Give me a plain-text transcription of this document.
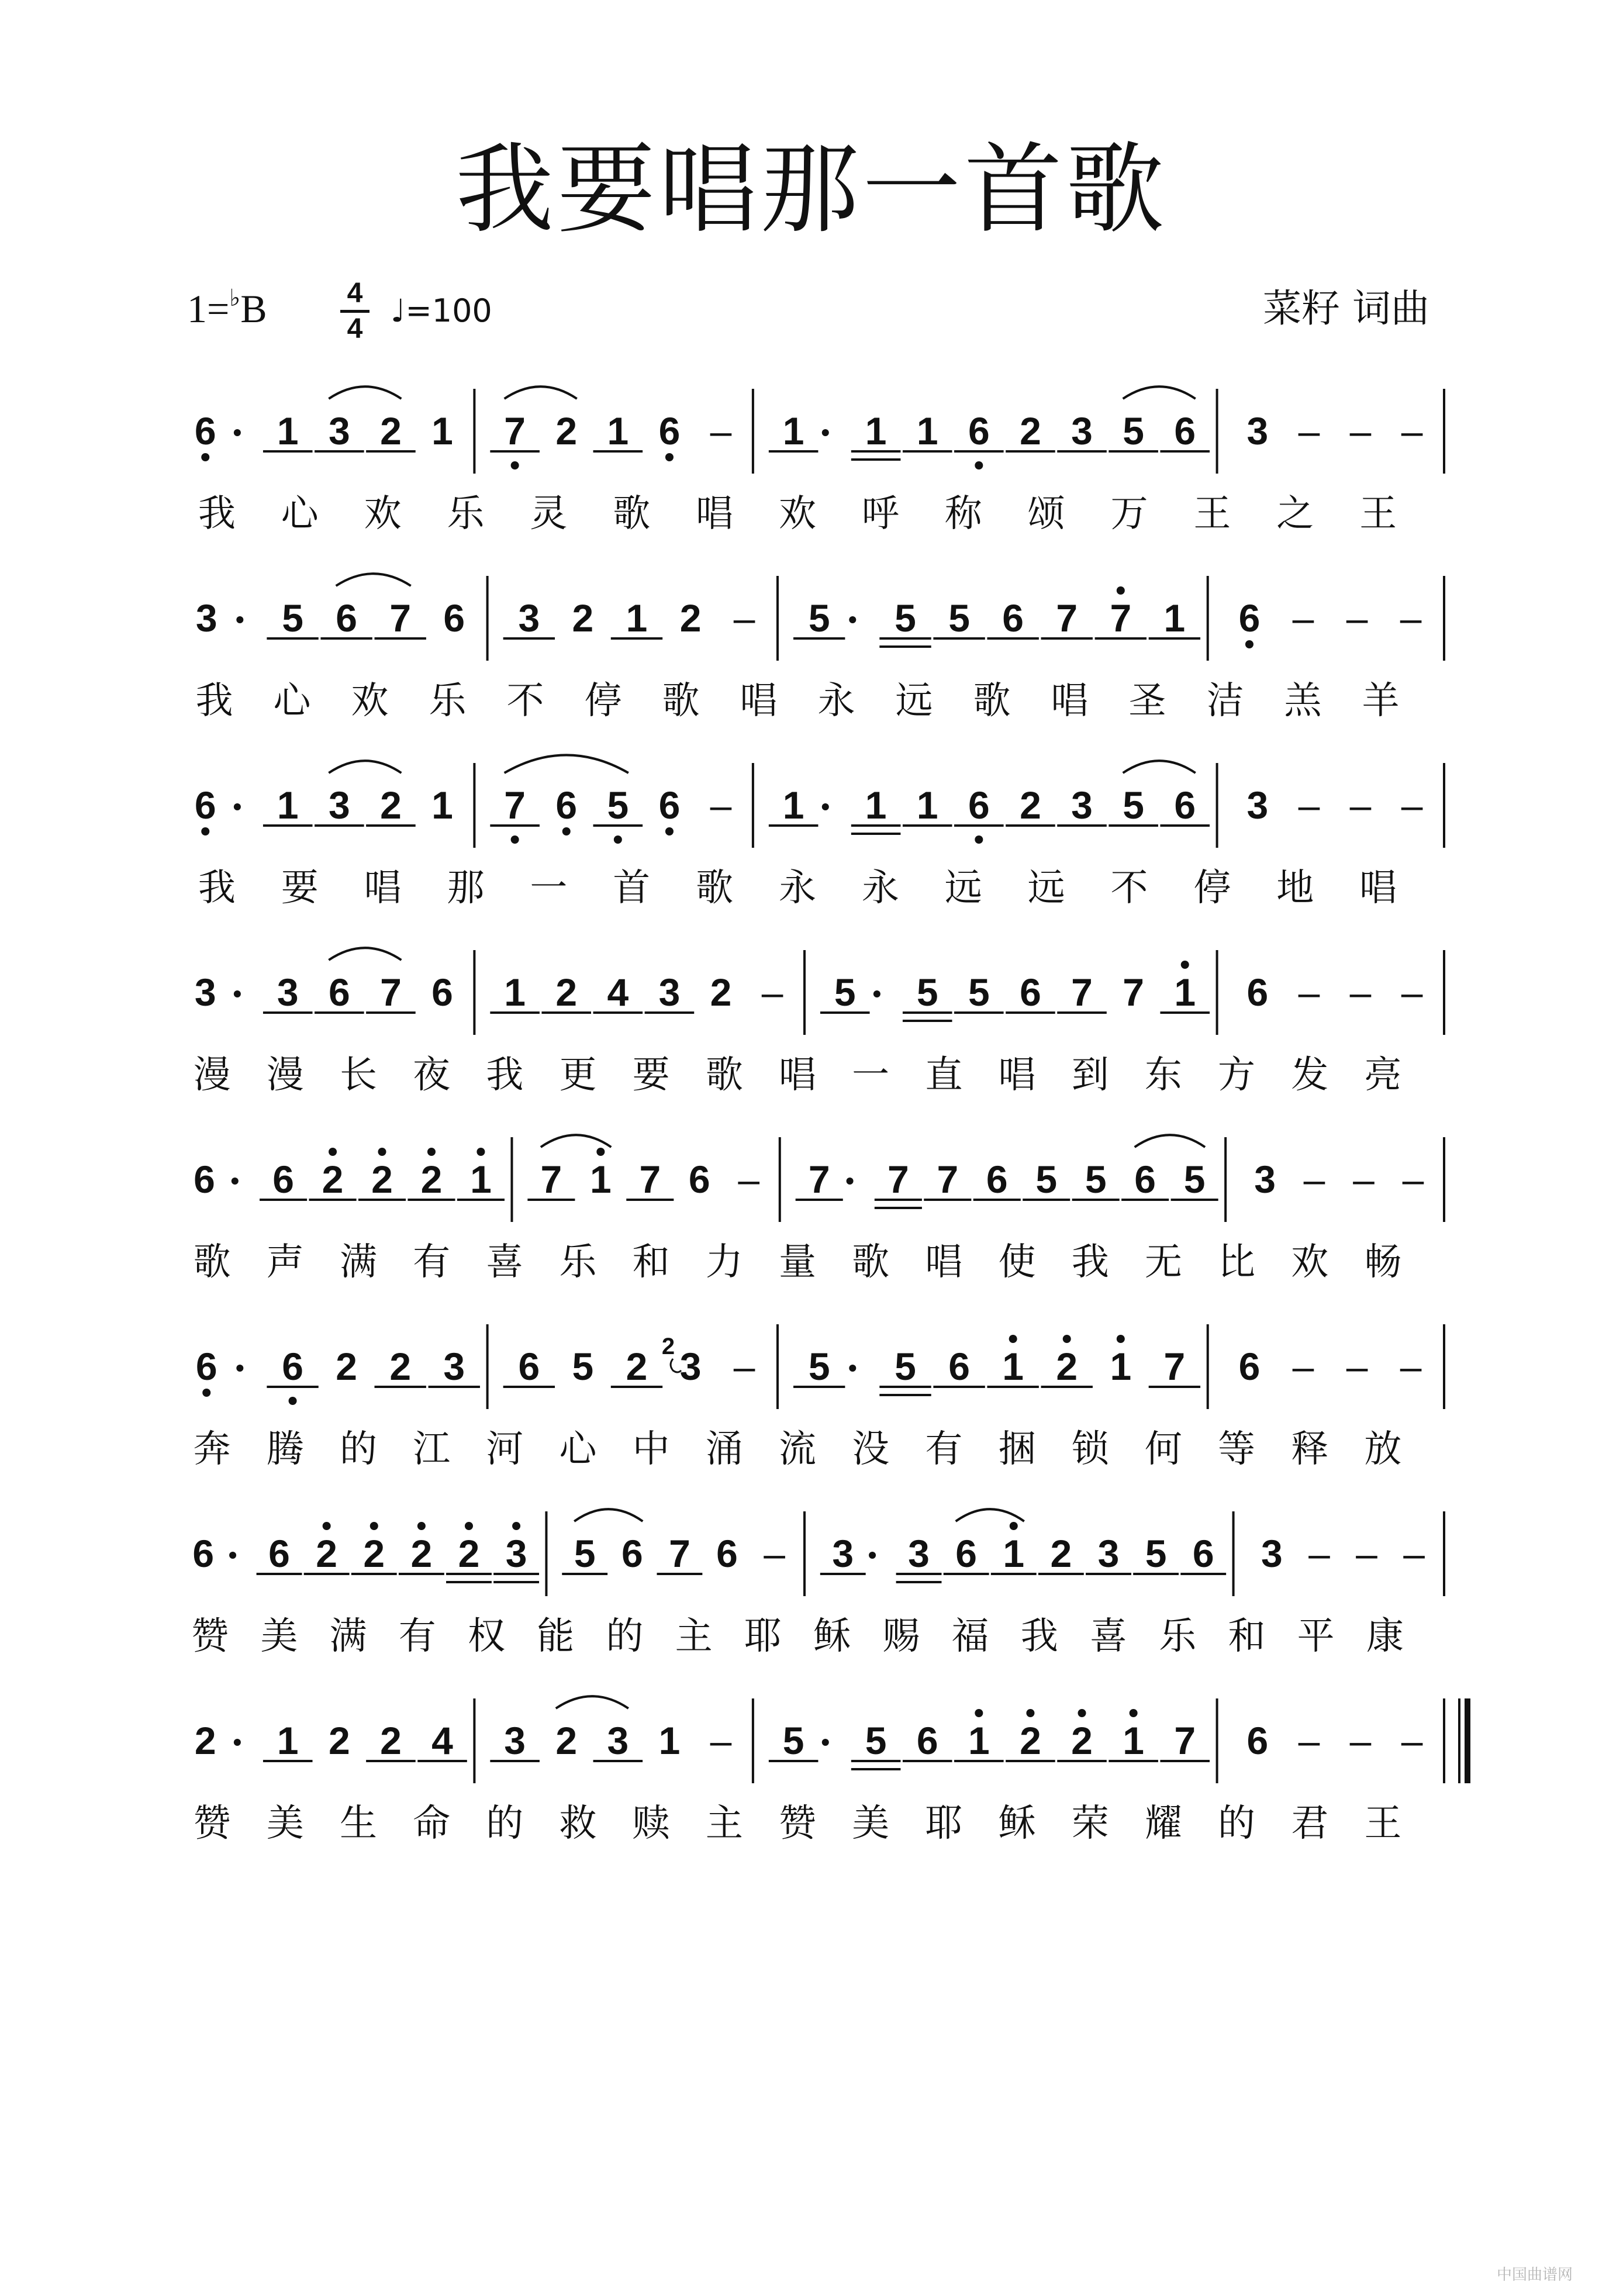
我要唱那一首歌
1=♭B	4
4 ♩=100	菜籽 词曲
6 1 3 2 1 7 2 1 6 – 1 1 1 6 2 3 5 6 3 – – –
我 心 欢 乐 灵 歌 唱 欢 呼 称 颂 万 王 之 王
3 5 6 7 6 3 2 1 2 – 5 5 5 6 7 7 1 6 – – –
我 心 欢 乐 不 停 歌 唱 永 远 歌 唱 圣 洁 羔 羊
6 1 3 2 1 7 6 5 6 – 1 1 1 6 2 3 5 6 3 – – –
我 要 唱 那 一 首 歌 永 永 远 远 不 停 地 唱
3 3 6 7 6 1 2 4 3 2 – 5 5 5 6 7 7 1 6 – – –
漫 漫 长 夜 我 更 要 歌 唱 一 直 唱 到 东 方 发 亮
6 6 2 2 2 1 7 1 7 6 – 7 7 7 6 5 5 6 5 3 – – –
歌 声 满 有 喜 乐 和 力 量 歌 唱 使 我 无 比 欢 畅
6 6 2 2 3 6 5 2 3
2 – 5 5 6 1 2 1 7 6 – – –
奔 腾 的 江 河 心 中 涌 流 没 有 捆 锁 何 等 释 放
6 6 2 2 2 2 3 5 6 7 6 – 3 3 6 1 2 3 5 6 3 – – –
赞 美 满 有 权 能 的 主 耶 稣 赐 福 我 喜 乐 和 平 康
2 1 2 2 4 3 2 3 1 – 5 5 6 1 2 2 1 7 6 – – –
赞 美 生 命 的 救 赎 主 赞 美 耶 稣 荣 耀 的 君 王
中国曲谱网
